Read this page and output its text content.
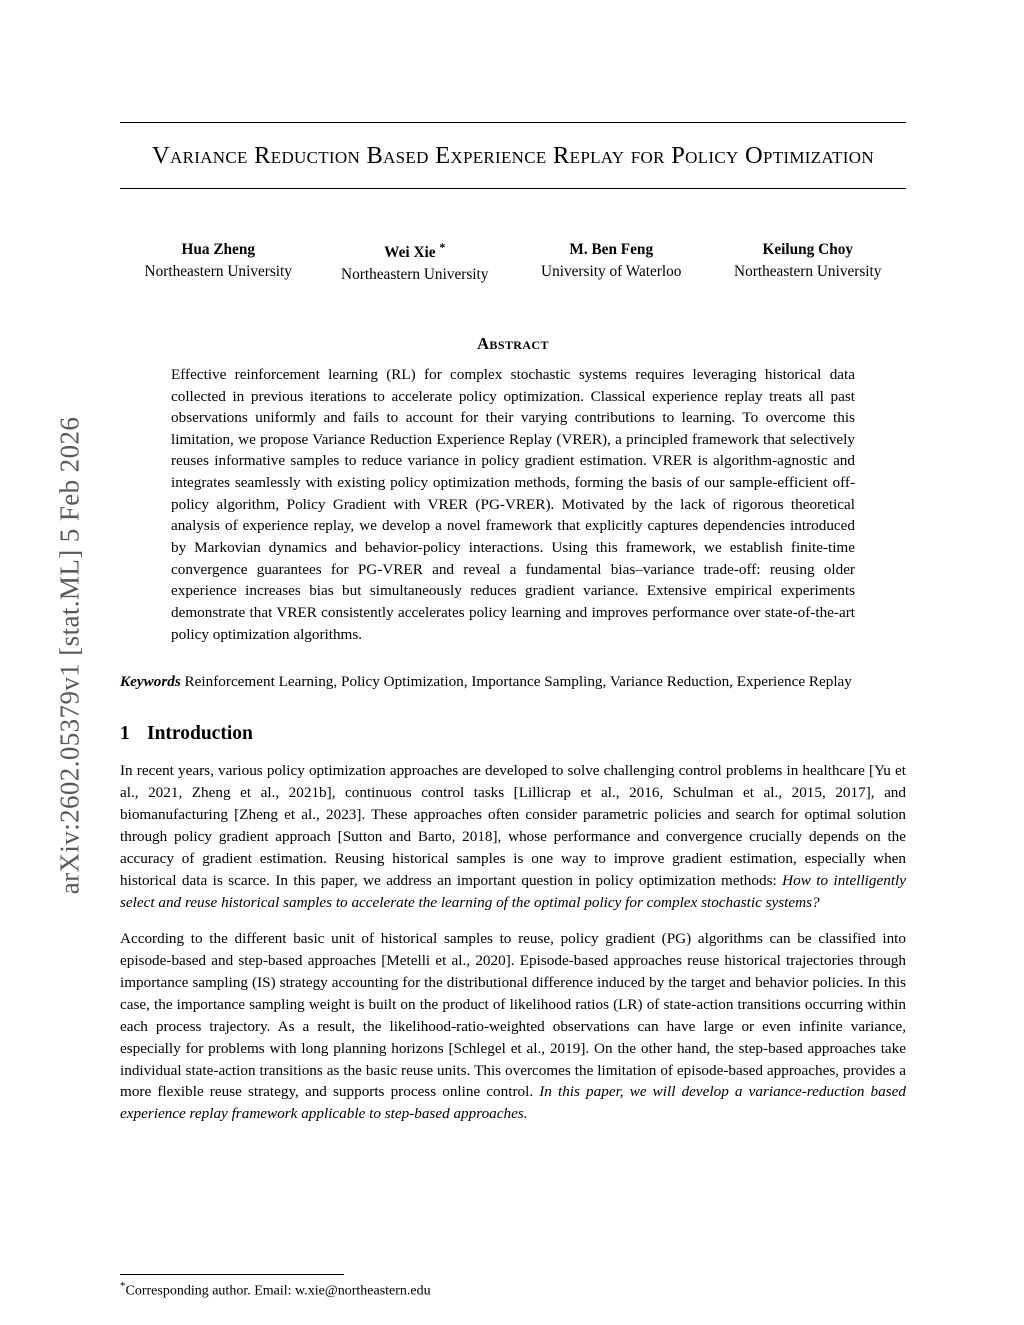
arXiv:2602.05379v1 [stat.ML] 5 Feb 2026
Variance Reduction Based Experience Replay for Policy Optimization
Hua Zheng
Northeastern University
Wei Xie *
Northeastern University
M. Ben Feng
University of Waterloo
Keilung Choy
Northeastern University
Abstract
Effective reinforcement learning (RL) for complex stochastic systems requires leveraging historical data collected in previous iterations to accelerate policy optimization. Classical experience replay treats all past observations uniformly and fails to account for their varying contributions to learning. To overcome this limitation, we propose Variance Reduction Experience Replay (VRER), a principled framework that selectively reuses informative samples to reduce variance in policy gradient estimation. VRER is algorithm-agnostic and integrates seamlessly with existing policy optimization methods, forming the basis of our sample-efficient off-policy algorithm, Policy Gradient with VRER (PG-VRER). Motivated by the lack of rigorous theoretical analysis of experience replay, we develop a novel framework that explicitly captures dependencies introduced by Markovian dynamics and behavior-policy interactions. Using this framework, we establish finite-time convergence guarantees for PG-VRER and reveal a fundamental bias–variance trade-off: reusing older experience increases bias but simultaneously reduces gradient variance. Extensive empirical experiments demonstrate that VRER consistently accelerates policy learning and improves performance over state-of-the-art policy optimization algorithms.
Keywords Reinforcement Learning, Policy Optimization, Importance Sampling, Variance Reduction, Experience Replay
1 Introduction
In recent years, various policy optimization approaches are developed to solve challenging control problems in healthcare [Yu et al., 2021, Zheng et al., 2021b], continuous control tasks [Lillicrap et al., 2016, Schulman et al., 2015, 2017], and biomanufacturing [Zheng et al., 2023]. These approaches often consider parametric policies and search for optimal solution through policy gradient approach [Sutton and Barto, 2018], whose performance and convergence crucially depends on the accuracy of gradient estimation. Reusing historical samples is one way to improve gradient estimation, especially when historical data is scarce. In this paper, we address an important question in policy optimization methods: How to intelligently select and reuse historical samples to accelerate the learning of the optimal policy for complex stochastic systems?
According to the different basic unit of historical samples to reuse, policy gradient (PG) algorithms can be classified into episode-based and step-based approaches [Metelli et al., 2020]. Episode-based approaches reuse historical trajectories through importance sampling (IS) strategy accounting for the distributional difference induced by the target and behavior policies. In this case, the importance sampling weight is built on the product of likelihood ratios (LR) of state-action transitions occurring within each process trajectory. As a result, the likelihood-ratio-weighted observations can have large or even infinite variance, especially for problems with long planning horizons [Schlegel et al., 2019]. On the other hand, the step-based approaches take individual state-action transitions as the basic reuse units. This overcomes the limitation of episode-based approaches, provides a more flexible reuse strategy, and supports process online control. In this paper, we will develop a variance-reduction based experience replay framework applicable to step-based approaches.
*Corresponding author. Email: w.xie@northeastern.edu
